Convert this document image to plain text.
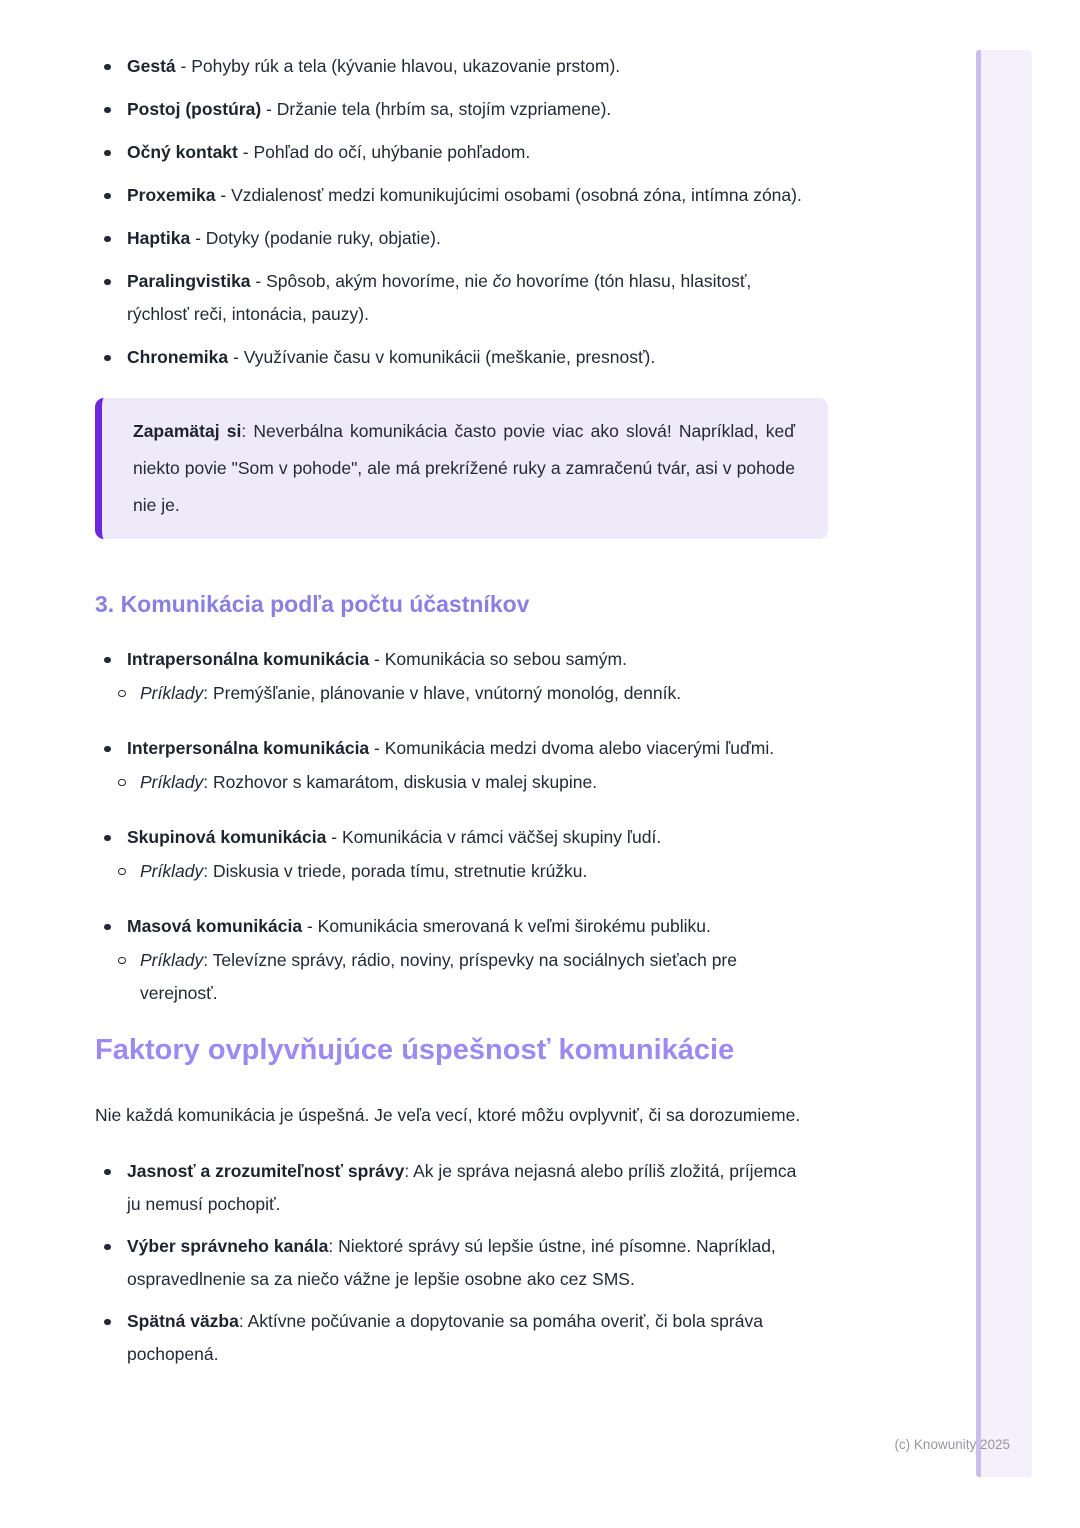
Gestá - Pohyby rúk a tela (kývanie hlavou, ukazovanie prstom).
Postoj (postúra) - Držanie tela (hrbím sa, stojím vzpriamene).
Očný kontakt - Pohľad do očí, uhýbanie pohľadom.
Proxemika - Vzdialenosť medzi komunikujúcimi osobami (osobná zóna, intímna zóna).
Haptika - Dotyky (podanie ruky, objatie).
Paralingvistika - Spôsob, akým hovoríme, nie čo hovoríme (tón hlasu, hlasitosť, rýchlosť reči, intonácia, pauzy).
Chronemika - Využívanie času v komunikácii (meškanie, presnosť).

Zapamätaj si: Neverbálna komunikácia často povie viac ako slová! Napríklad, keď niekto povie "Som v pohode", ale má prekrížené ruky a zamračenú tvár, asi v pohode nie je.

3. Komunikácia podľa počtu účastníkov
Intrapersonálna komunikácia - Komunikácia so sebou samým.
Príklady: Premýšľanie, plánovanie v hlave, vnútorný monológ, denník.
Interpersonálna komunikácia - Komunikácia medzi dvoma alebo viacerými ľuďmi.
Príklady: Rozhovor s kamarátom, diskusia v malej skupine.
Skupinová komunikácia - Komunikácia v rámci väčšej skupiny ľudí.
Príklady: Diskusia v triede, porada tímu, stretnutie krúžku.
Masová komunikácia - Komunikácia smerovaná k veľmi širokému publiku.
Príklady: Televízne správy, rádio, noviny, príspevky na sociálnych sieťach pre verejnosť.
Faktory ovplyvňujúce úspešnosť komunikácie

Nie každá komunikácia je úspešná. Je veľa vecí, ktoré môžu ovplyvniť, či sa dorozumieme.

Jasnosť a zrozumiteľnosť správy: Ak je správa nejasná alebo príliš zložitá, príjemca ju nemusí pochopiť.
Výber správneho kanála: Niektoré správy sú lepšie ústne, iné písomne. Napríklad, ospravedlnenie sa za niečo vážne je lepšie osobne ako cez SMS.
Spätná väzba: Aktívne počúvanie a dopytovanie sa pomáha overiť, či bola správa pochopená.
(c) Knowunity 2025
